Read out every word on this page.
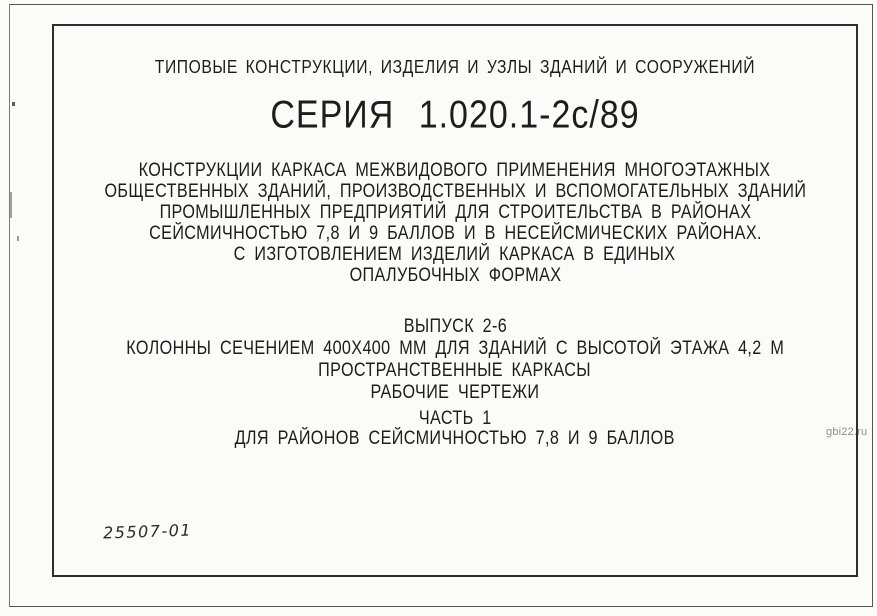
ТИПОВЫЕ КОНСТРУКЦИИ, ИЗДЕЛИЯ И УЗЛЫ ЗДАНИЙ И СООРУЖЕНИЙ
СЕРИЯ 1.020.1-2с/89
КОНСТРУКЦИИ КАРКАСА МЕЖВИДОВОГО ПРИМЕНЕНИЯ МНОГОЭТАЖНЫХ
ОБЩЕСТВЕННЫХ ЗДАНИЙ, ПРОИЗВОДСТВЕННЫХ И ВСПОМОГАТЕЛЬНЫХ ЗДАНИЙ
ПРОМЫШЛЕННЫХ ПРЕДПРИЯТИЙ ДЛЯ СТРОИТЕЛЬСТВА В РАЙОНАХ
СЕЙСМИЧНОСТЬЮ 7,8 И 9 БАЛЛОВ И В НЕСЕЙСМИЧЕСКИХ РАЙОНАХ.
С ИЗГОТОВЛЕНИЕМ ИЗДЕЛИЙ КАРКАСА В ЕДИНЫХ
ОПАЛУБОЧНЫХ ФОРМАХ
ВЫПУСК 2-6
КОЛОННЫ СЕЧЕНИЕМ 400Х400 ММ ДЛЯ ЗДАНИЙ С ВЫСОТОЙ ЭТАЖА 4,2 М
ПРОСТРАНСТВЕННЫЕ КАРКАСЫ
РАБОЧИЕ ЧЕРТЕЖИ
ЧАСТЬ 1
ДЛЯ РАЙОНОВ СЕЙСМИЧНОСТЬЮ 7,8 И 9 БАЛЛОВ
25507-01
gbi22.ru
